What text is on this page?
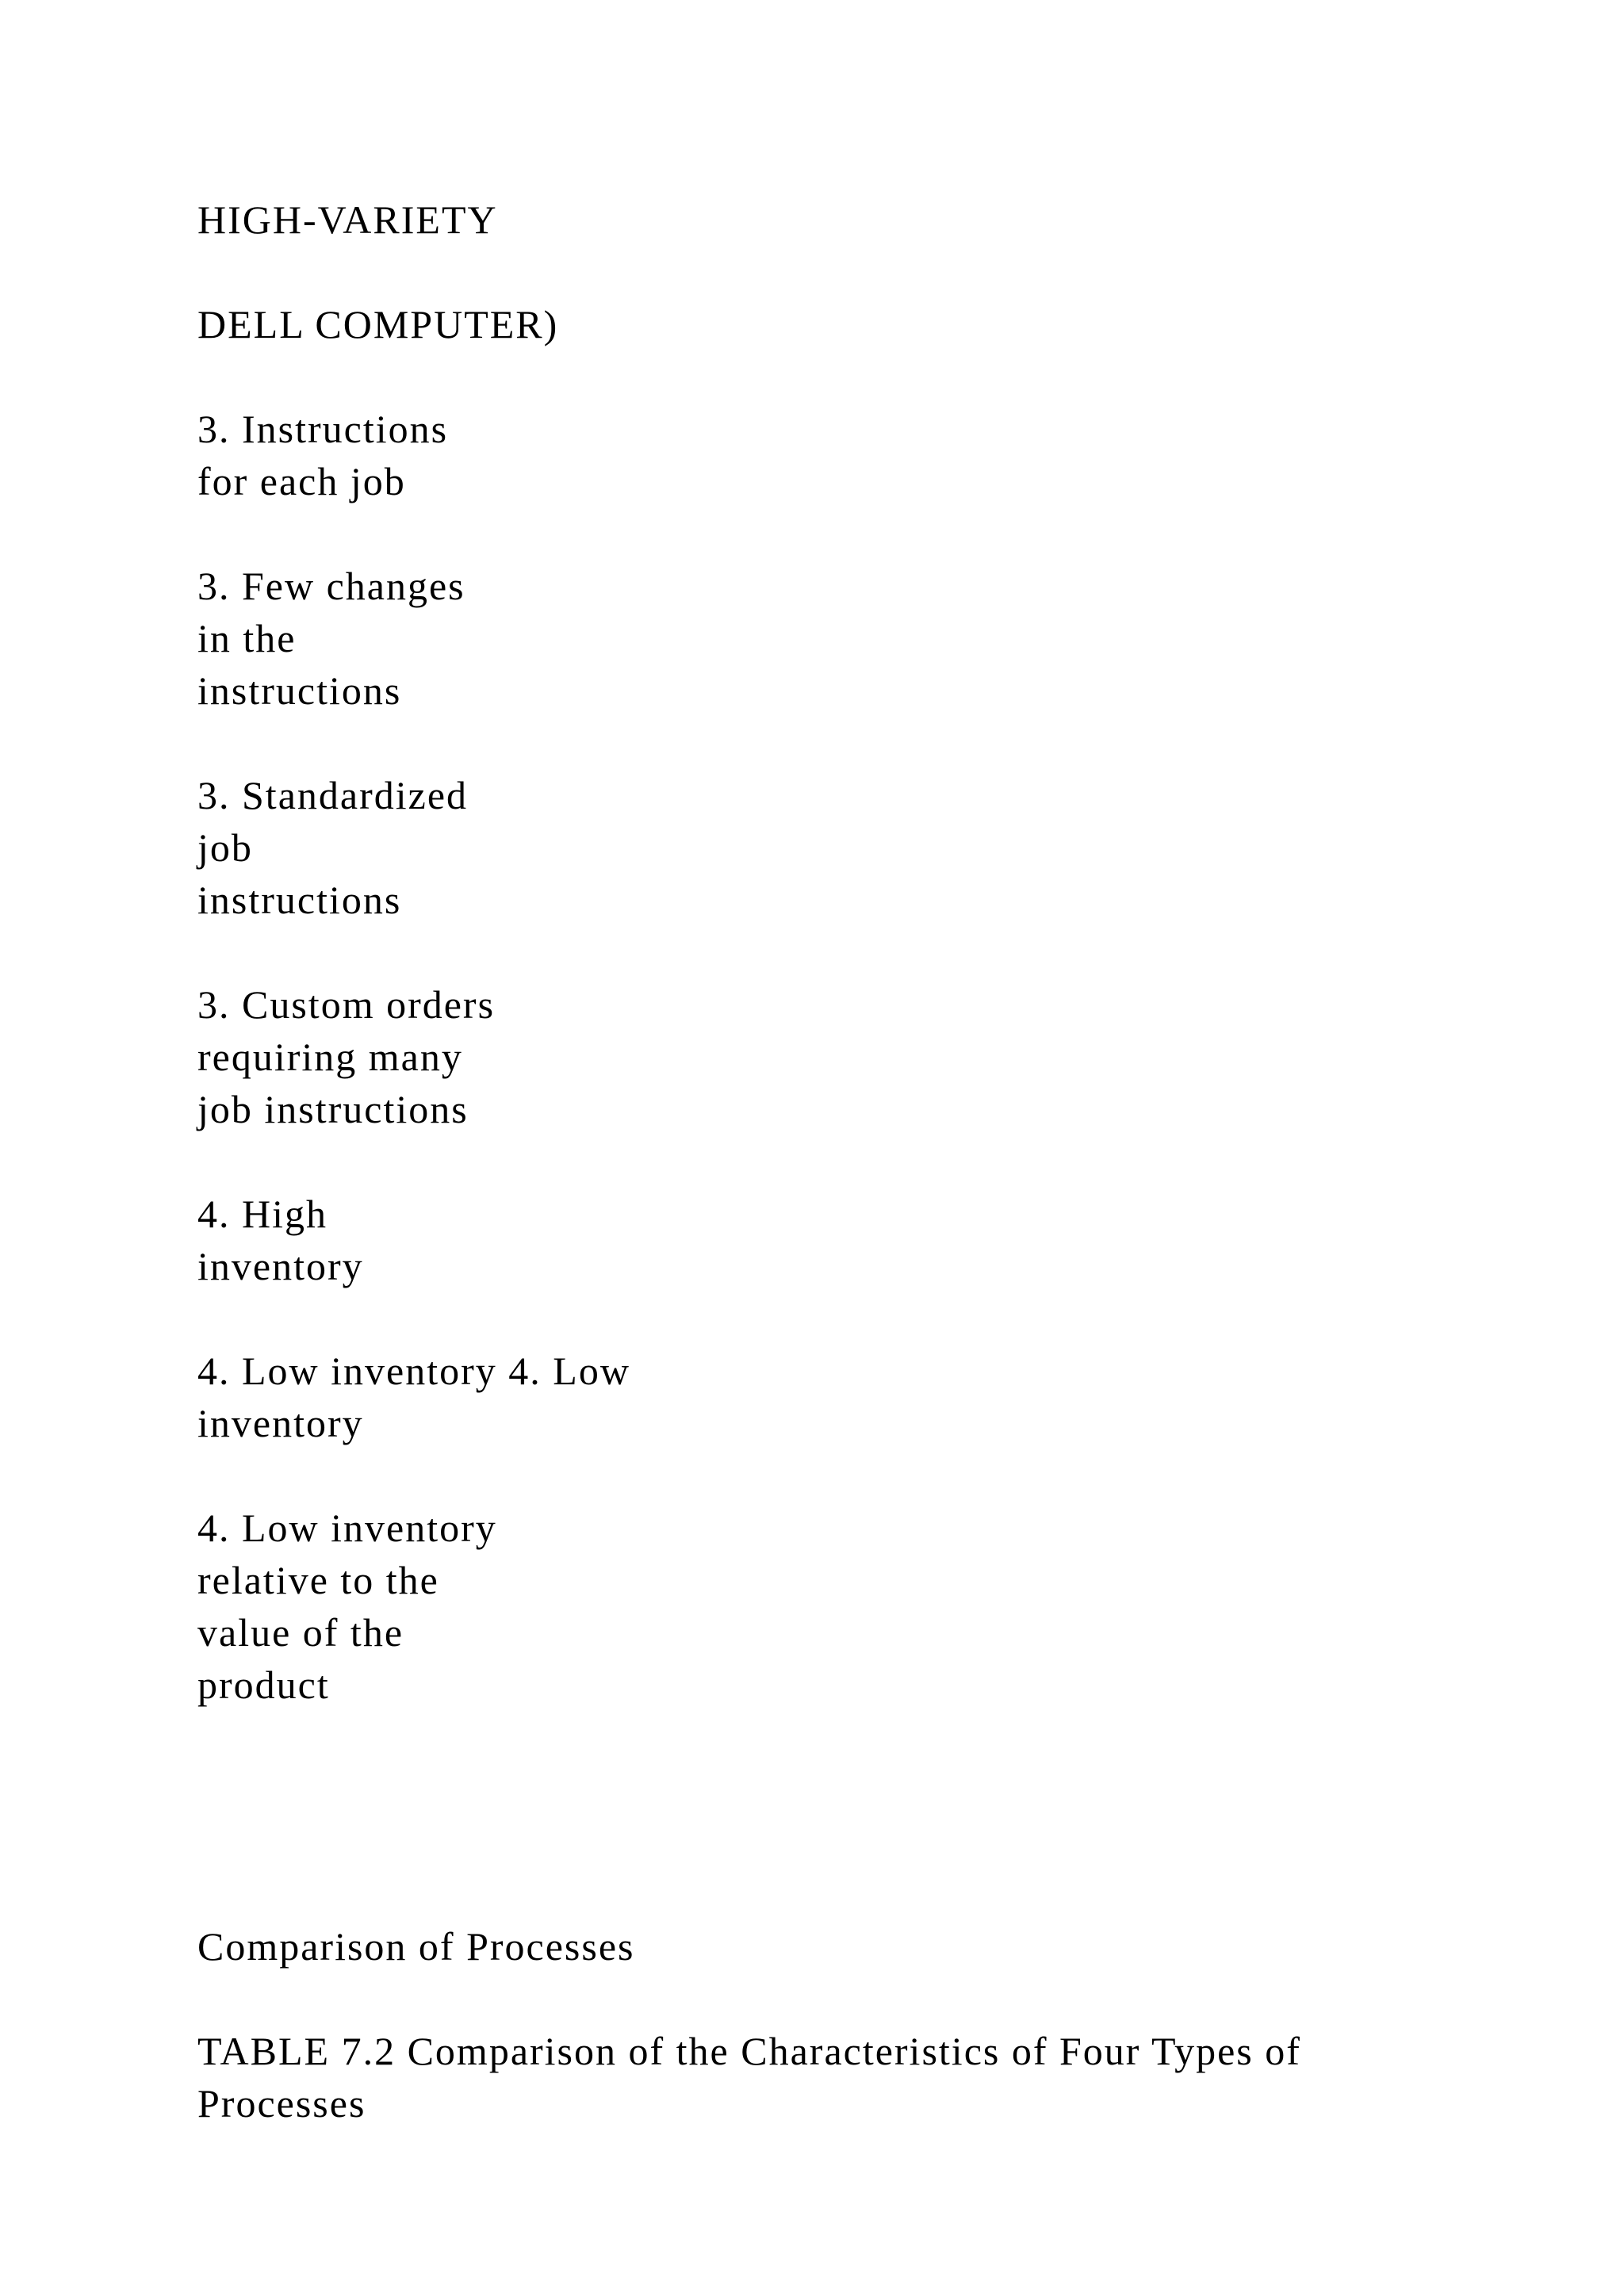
HIGH-VARIETY
DELL COMPUTER)
3. Instructions
for each job
3. Few changes
in the
instructions
3. Standardized
job
instructions
3. Custom orders
requiring many
job instructions
4. High
inventory
4. Low inventory 4. Low
inventory
4. Low inventory
relative to the
value of the
product
Comparison of Processes
TABLE 7.2 Comparison of the Characteristics of Four Types of
Processes
